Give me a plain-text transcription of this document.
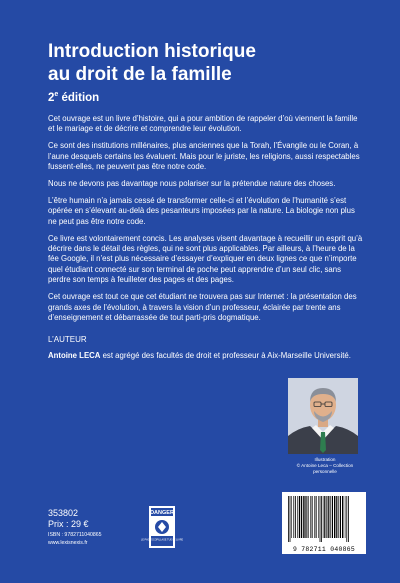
Introduction historique
au droit de la famille
2e édition

Cet ouvrage est un livre d’histoire, qui a pour ambition de rappeler d’où viennent la famille et le mariage et de décrire et comprendre leur évolution.

Ce sont des institutions millénaires, plus anciennes que la Torah, l’Évangile ou le Coran, à l’aune desquels certains les évaluent. Mais pour le juriste, les religions, aussi respectables fussent-elles, ne peuvent pas être notre code.

Nous ne devons pas davantage nous polariser sur la prétendue nature des choses.

L’être humain n’a jamais cessé de transformer celle-ci et l’évolution de l’humanité s’est opérée en s’élevant au-delà des pesanteurs imposées par la nature. La biologie non plus ne peut pas être notre code.

Ce livre est volontairement concis. Les analyses visent davantage à recueillir un esprit qu’à décrire dans le détail des règles, qui ne sont plus applicables. Par ailleurs, à l’heure de la fée Google, il n’est plus nécessaire d’essayer d’expliquer en deux lignes ce que n’importe quel étudiant connecté sur son terminal de poche peut apprendre d’un seul clic, sans perdre son temps à feuilleter des pages et des pages.

Cet ouvrage est tout ce que cet étudiant ne trouvera pas sur Internet : la présentation des grands axes de l’évolution, à travers la vision d’un professeur, éclairée par trente ans d’enseignement et débarrassée de tout parti-pris dogmatique.

L’AUTEUR
Antoine LECA est agrégé des facultés de droit et professeur à Aix-Marseille Université.
Illustration
© Antoine Leca – Collection
personnelle
353802
Prix : 29 €
ISBN : 9782711040865
www.lexisnexis.fr
DANGER
LE PHOTOCOPILLAGE TUE LE LIVRE
9 782711 040865
